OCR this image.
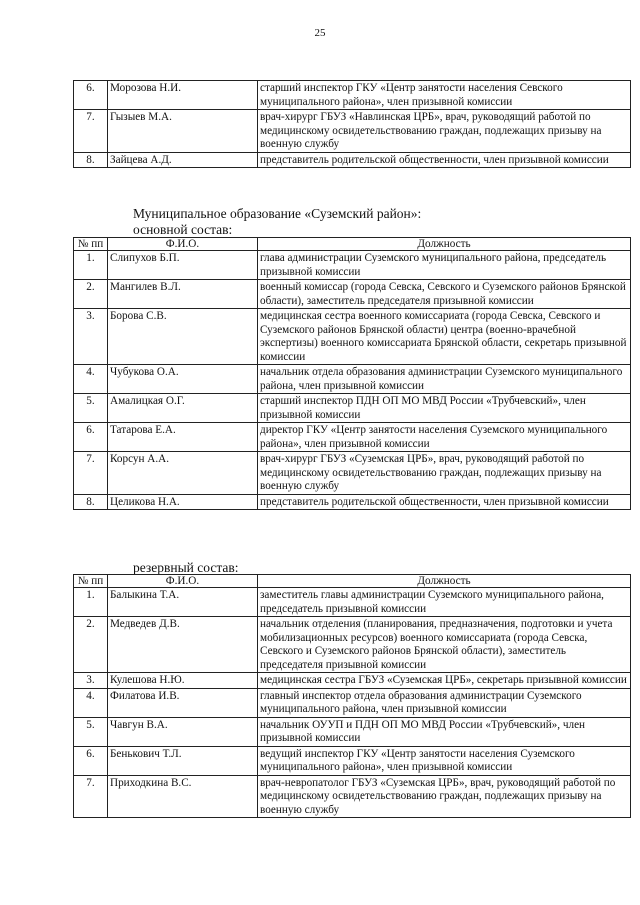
25
6.	Морозова Н.И.	старший инспектор ГКУ «Центр занятости населения Севского муниципального района», член призывной комиссии
7.	Гызыев М.А.	врач-хирург ГБУЗ «Навлинская ЦРБ», врач, руководящий работой по медицинскому освидетельствованию граждан, подлежащих призыву на военную службу
8.	Зайцева А.Д.	представитель родительской общественности, член призывной комиссии
Муниципальное образование «Суземский район»:
основной состав:
№ пп	Ф.И.О.	Должность
1.	Слипухов Б.П.	глава администрации Суземского муниципального района, председатель призывной комиссии
2.	Мангилев В.Л.	военный комиссар (города Севска, Севского и Суземского районов Брянской области), заместитель председателя призывной комиссии
3.	Борова С.В.	медицинская сестра военного комиссариата (города Севска, Севского и Суземского районов Брянской области) центра (военно-врачебной экспертизы) военного комиссариата Брянской области, секретарь призывной комиссии
4.	Чубукова О.А.	начальник отдела образования администрации Суземского муниципального района, член призывной комиссии
5.	Амалицкая О.Г.	старший инспектор ПДН ОП МО МВД России «Трубчевский», член призывной комиссии
6.	Татарова Е.А.	директор ГКУ «Центр занятости населения Суземского муниципального района», член призывной комиссии
7.	Корсун А.А.	врач-хирург ГБУЗ «Суземская ЦРБ», врач, руководящий работой по медицинскому освидетельствованию граждан, подлежащих призыву на военную службу
8.	Целикова Н.А.	представитель родительской общественности, член призывной комиссии
резервный состав:
№ пп	Ф.И.О.	Должность
1.	Балыкина Т.А.	заместитель главы администрации Суземского муниципального района, председатель призывной комиссии
2.	Медведев Д.В.	начальник отделения (планирования, предназначения, подготовки и учета мобилизационных ресурсов) военного комиссариата (города Севска, Севского и Суземского районов Брянской области), заместитель председателя призывной комиссии
3.	Кулешова Н.Ю.	медицинская сестра ГБУЗ «Суземская ЦРБ», секретарь призывной комиссии
4.	Филатова И.В.	главный инспектор отдела образования администрации Суземского муниципального района, член призывной комиссии
5.	Чавгун В.А.	начальник ОУУП и ПДН ОП МО МВД России «Трубчевский», член призывной комиссии
6.	Бенькович Т.Л.	ведущий инспектор ГКУ «Центр занятости населения Суземского муниципального района», член призывной комиссии
7.	Приходкина В.С.	врач-невропатолог ГБУЗ «Суземская ЦРБ», врач, руководящий работой по медицинскому освидетельствованию граждан, подлежащих призыву на военную службу
